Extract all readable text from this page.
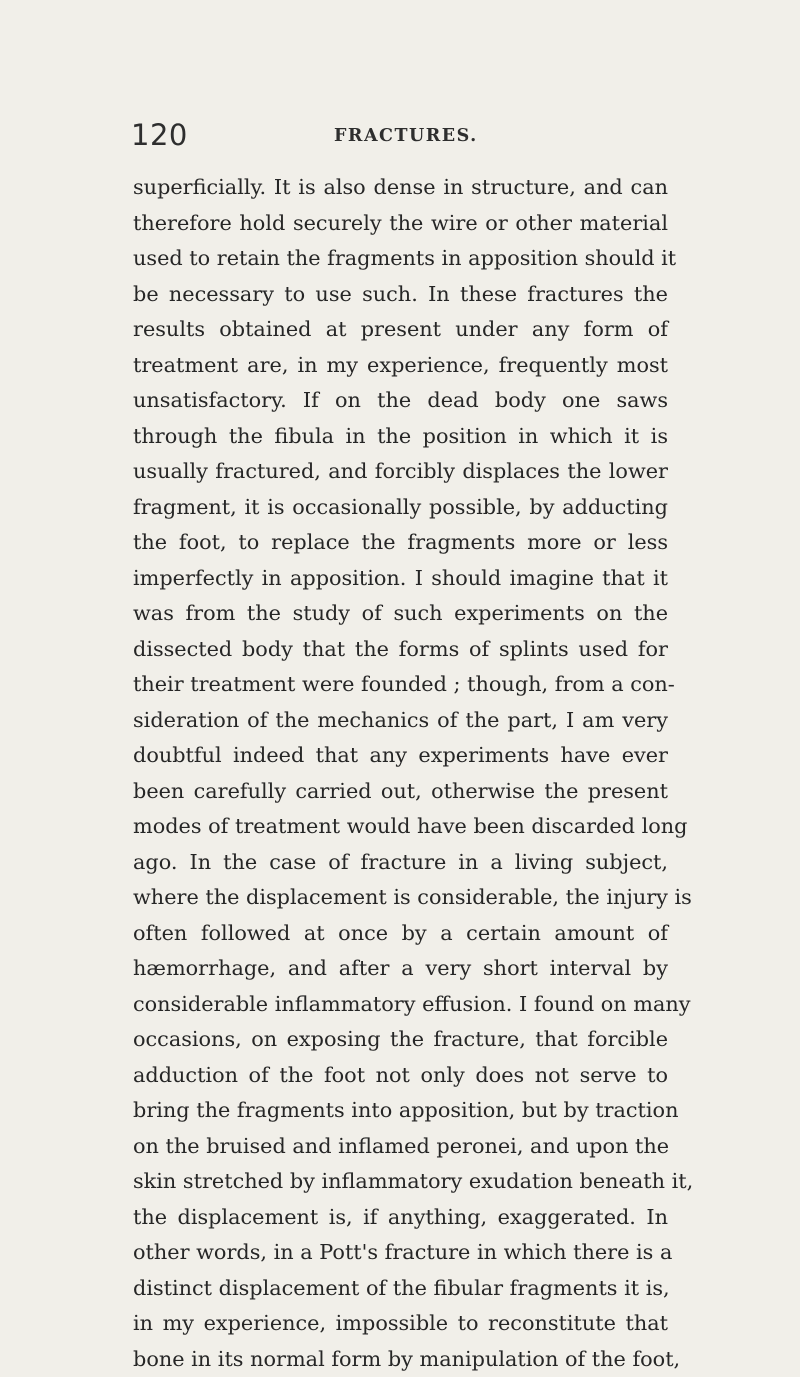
120	FRACTURES.
superficially. It is also dense in structure, and can
therefore hold securely the wire or other material
used to retain the fragments in apposition should it
be necessary to use such. In these fractures the
results obtained at present under any form of
treatment are, in my experience, frequently most
unsatisfactory. If on the dead body one saws
through the fibula in the position in which it is
usually fractured, and forcibly displaces the lower
fragment, it is occasionally possible, by adducting
the foot, to replace the fragments more or less
imperfectly in apposition. I should imagine that it
was from the study of such experiments on the
dissected body that the forms of splints used for
their treatment were founded ; though, from a con-
sideration of the mechanics of the part, I am very
doubtful indeed that any experiments have ever
been carefully carried out, otherwise the present
modes of treatment would have been discarded long
ago. In the case of fracture in a living subject,
where the displacement is considerable, the injury is
often followed at once by a certain amount of
hæmorrhage, and after a very short interval by
considerable inflammatory effusion. I found on many
occasions, on exposing the fracture, that forcible
adduction of the foot not only does not serve to
bring the fragments into apposition, but by traction
on the bruised and inflamed peronei, and upon the
skin stretched by inflammatory exudation beneath it,
the displacement is, if anything, exaggerated. In
other words, in a Pott's fracture in which there is a
distinct displacement of the fibular fragments it is,
in my experience, impossible to reconstitute that
bone in its normal form by manipulation of the foot,
